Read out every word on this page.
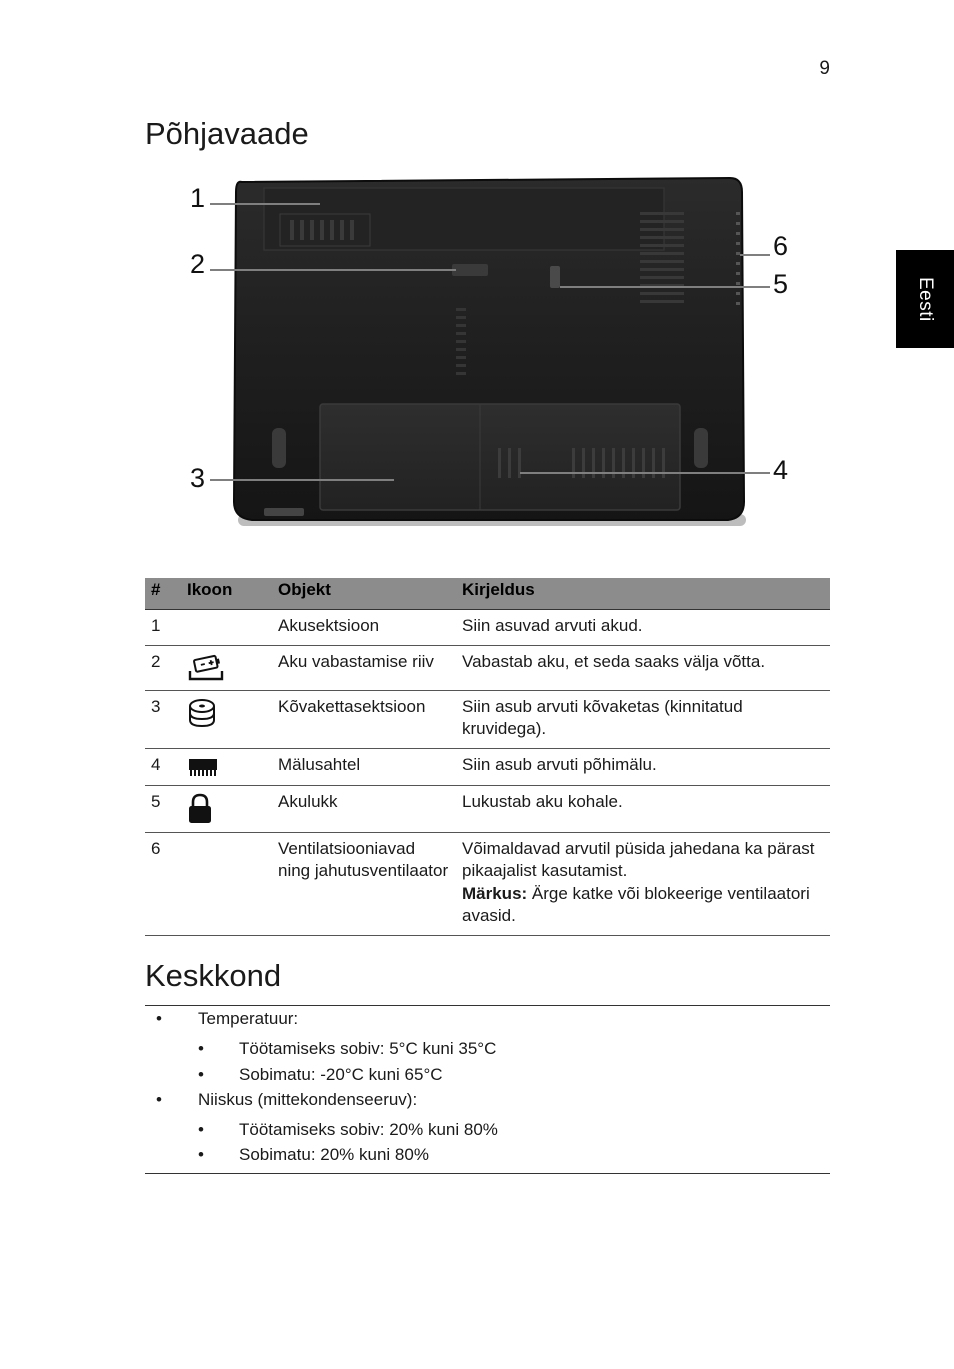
9
Eesti
Põhjavaade
1
2
3	4
5
6
#	Ikoon	Objekt	Kirjeldus
1		Akusektsioon	Siin asuvad arvuti akud.
2		Aku vabastamise riiv	Vabastab aku, et seda saaks välja võtta.
3		Kõvakettasektsioon	Siin asub arvuti kõvaketas (kinnitatud kruvidega).
4		Mälusahtel	Siin asub arvuti põhimälu.
5		Akulukk	Lukustab aku kohale.
6		Ventilatsiooniavad ning jahutusventilaator	Võimaldavad arvutil püsida jahedana ka pärast pikaajalist kasutamist.
Märkus: Ärge katke või blokeerige ventilaatori avasid.
Keskkond
• Temperatuur:
• Töötamiseks sobiv: 5°C kuni 35°C
• Sobimatu: -20°C kuni 65°C
• Niiskus (mittekondenseeruv):
• Töötamiseks sobiv: 20% kuni 80%
• Sobimatu: 20% kuni 80%
